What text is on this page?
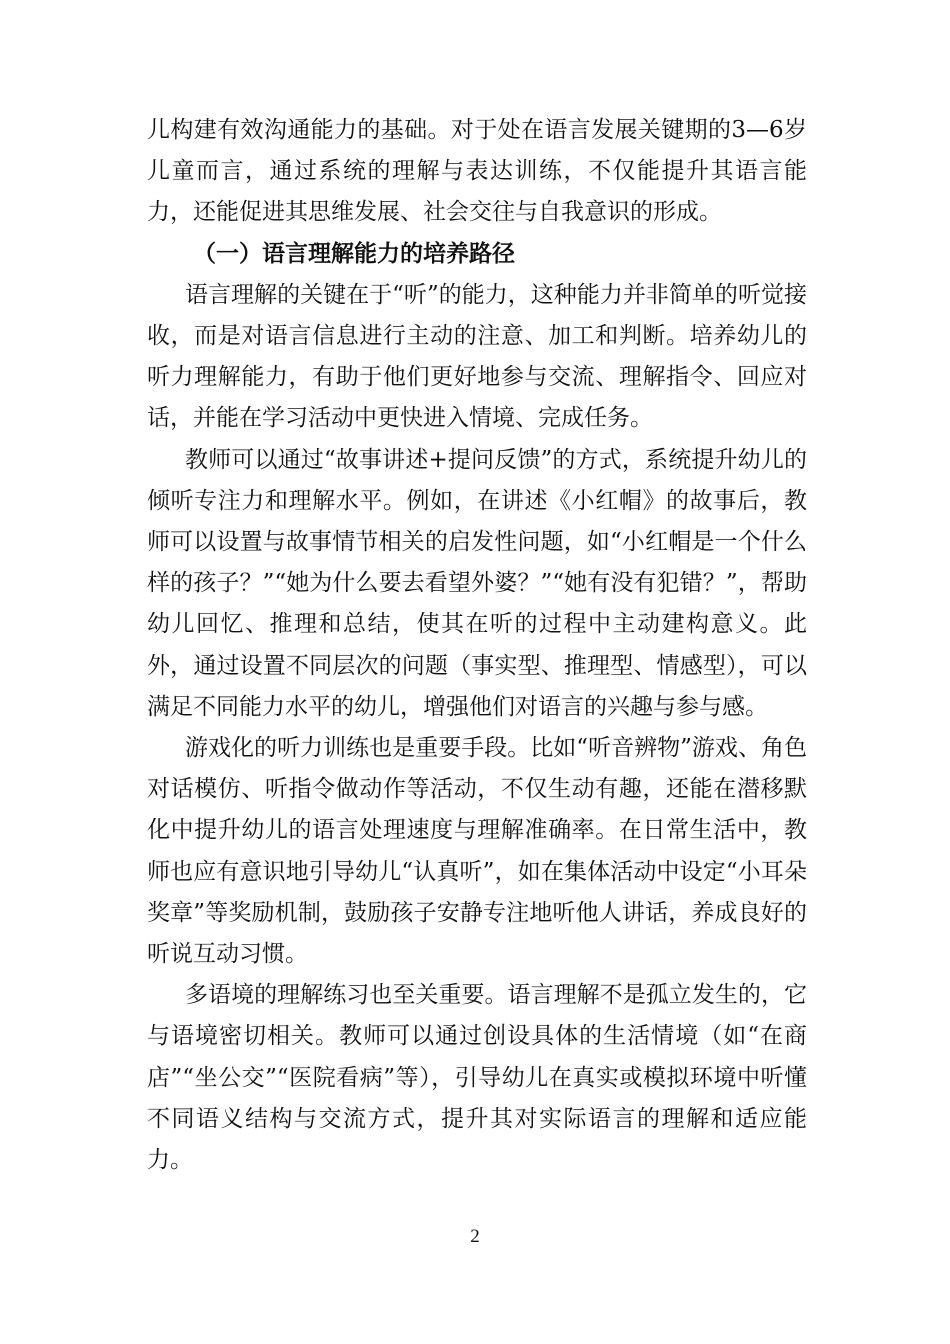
儿构建有效沟通能力的基础。对于处在语言发展关键期的3—6岁儿童而言，通过系统的理解与表达训练，不仅能提升其语言能力，还能促进其思维发展、社会交往与自我意识的形成。

（一）语言理解能力的培养路径

语言理解的关键在于“听”的能力，这种能力并非简单的听觉接收，而是对语言信息进行主动的注意、加工和判断。培养幼儿的听力理解能力，有助于他们更好地参与交流、理解指令、回应对话，并能在学习活动中更快进入情境、完成任务。

教师可以通过“故事讲述+提问反馈”的方式，系统提升幼儿的倾听专注力和理解水平。例如，在讲述《小红帽》的故事后，教师可以设置与故事情节相关的启发性问题，如“小红帽是一个什么样的孩子？”“她为什么要去看望外婆？”“她有没有犯错？”，帮助幼儿回忆、推理和总结，使其在听的过程中主动建构意义。此外，通过设置不同层次的问题（事实型、推理型、情感型），可以满足不同能力水平的幼儿，增强他们对语言的兴趣与参与感。

游戏化的听力训练也是重要手段。比如“听音辨物”游戏、角色对话模仿、听指令做动作等活动，不仅生动有趣，还能在潜移默化中提升幼儿的语言处理速度与理解准确率。在日常生活中，教师也应有意识地引导幼儿“认真听”，如在集体活动中设定“小耳朵奖章”等奖励机制，鼓励孩子安静专注地听他人讲话，养成良好的听说互动习惯。

多语境的理解练习也至关重要。语言理解不是孤立发生的，它与语境密切相关。教师可以通过创设具体的生活情境（如“在商店”“坐公交”“医院看病”等），引导幼儿在真实或模拟环境中听懂不同语义结构与交流方式，提升其对实际语言的理解和适应能力。

2
